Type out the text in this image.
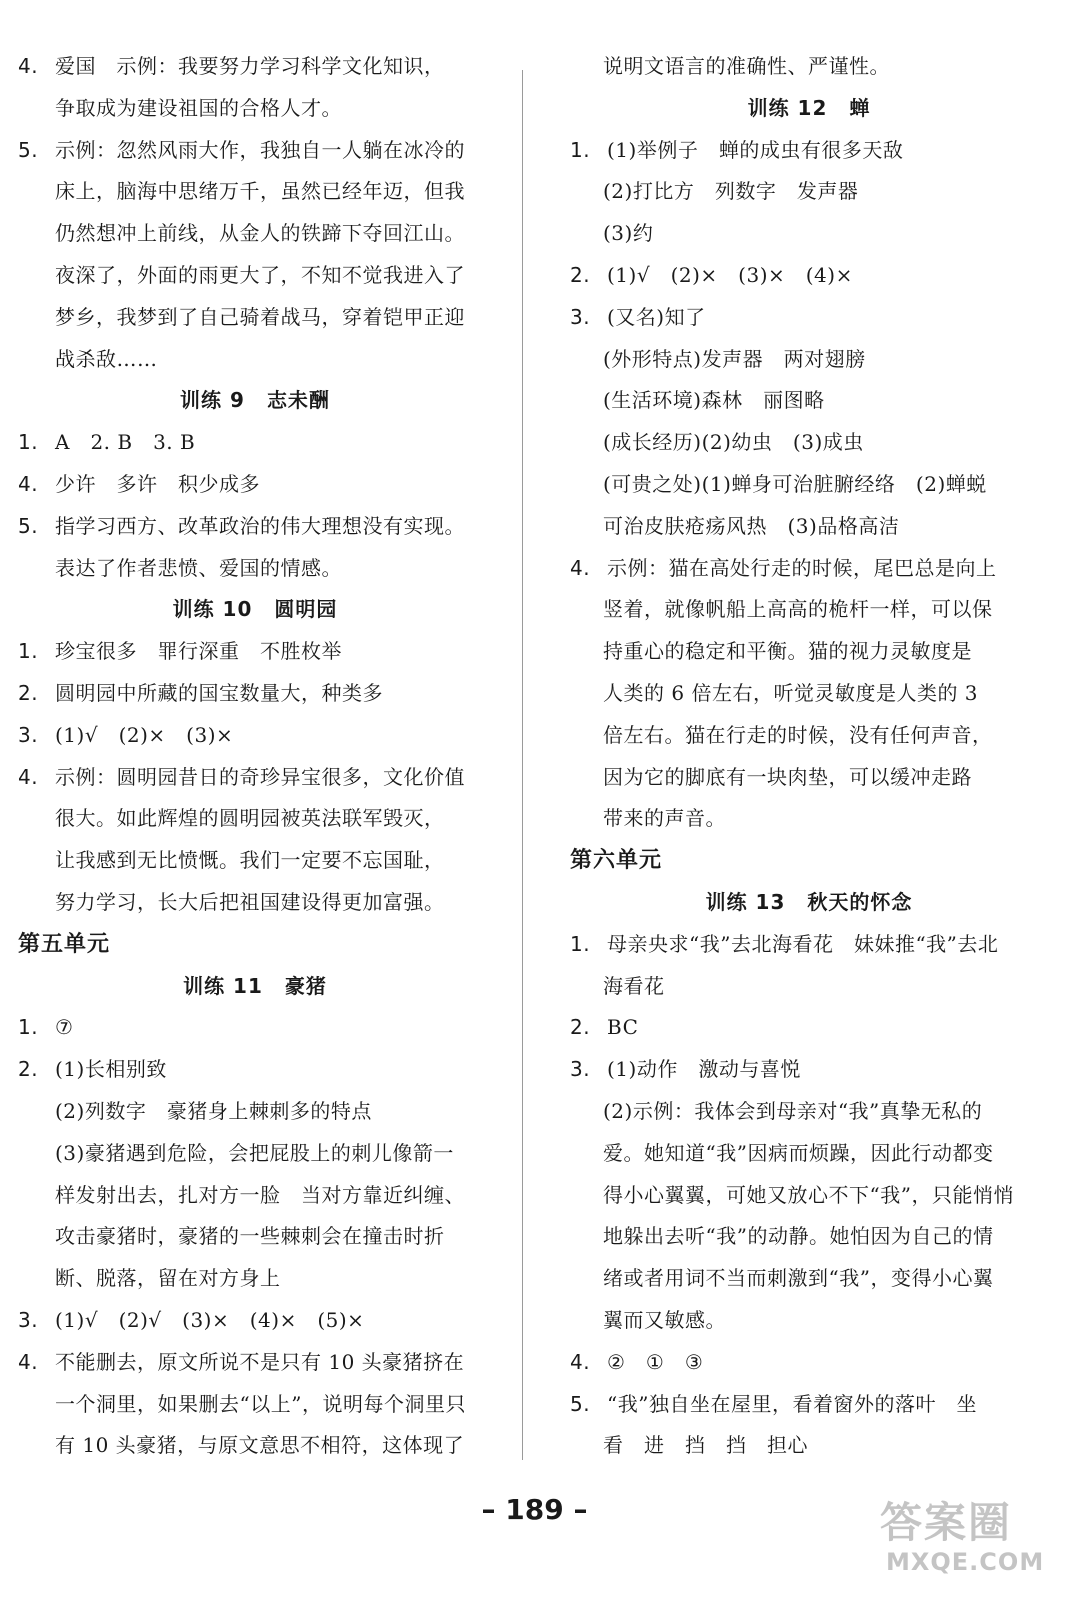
4. 爱国　示例：我要努力学习科学文化知识，
争取成为建设祖国的合格人才。
5. 示例：忽然风雨大作，我独自一人躺在冰冷的
床上，脑海中思绪万千，虽然已经年迈，但我
仍然想冲上前线，从金人的铁蹄下夺回江山。
夜深了，外面的雨更大了，不知不觉我进入了
梦乡，我梦到了自己骑着战马，穿着铠甲正迎
战杀敌……
训练 9 志未酬
1. A　2. B　3. B
4. 少许　多许　积少成多
5. 指学习西方、改革政治的伟大理想没有实现。
表达了作者悲愤、爱国的情感。
训练 10 圆明园
1. 珍宝很多　罪行深重　不胜枚举
2. 圆明园中所藏的国宝数量大，种类多
3. (1)√　(2)×　(3)×
4. 示例：圆明园昔日的奇珍异宝很多，文化价值
很大。如此辉煌的圆明园被英法联军毁灭，
让我感到无比愤慨。我们一定要不忘国耻，
努力学习，长大后把祖国建设得更加富强。
第五单元
训练 11 豪猪
1. ⑦
2. (1)长相别致
(2)列数字　豪猪身上棘刺多的特点
(3)豪猪遇到危险，会把屁股上的刺儿像箭一
样发射出去，扎对方一脸　当对方靠近纠缠、
攻击豪猪时，豪猪的一些棘刺会在撞击时折
断、脱落，留在对方身上
3. (1)√　(2)√　(3)×　(4)×　(5)×
4. 不能删去，原文所说不是只有 10 头豪猪挤在
一个洞里，如果删去“以上”，说明每个洞里只
有 10 头豪猪，与原文意思不相符，这体现了
说明文语言的准确性、严谨性。
训练 12 蝉
1. (1)举例子　蝉的成虫有很多天敌
(2)打比方　列数字　发声器
(3)约
2. (1)√　(2)×　(3)×　(4)×
3. (又名)知了
(外形特点)发声器　两对翅膀
(生活环境)森林　丽图略
(成长经历)(2)幼虫　(3)成虫
(可贵之处)(1)蝉身可治脏腑经络　(2)蝉蜕
可治皮肤疮疡风热　(3)品格高洁
4. 示例：猫在高处行走的时候，尾巴总是向上
竖着，就像帆船上高高的桅杆一样，可以保
持重心的稳定和平衡。猫的视力灵敏度是
人类的 6 倍左右，听觉灵敏度是人类的 3
倍左右。猫在行走的时候，没有任何声音，
因为它的脚底有一块肉垫，可以缓冲走路
带来的声音。
第六单元
训练 13 秋天的怀念
1. 母亲央求“我”去北海看花　妹妹推“我”去北
海看花
2. BC
3. (1)动作　激动与喜悦
(2)示例：我体会到母亲对“我”真挚无私的
爱。她知道“我”因病而烦躁，因此行动都变
得小心翼翼，可她又放心不下“我”，只能悄悄
地躲出去听“我”的动静。她怕因为自己的情
绪或者用词不当而刺激到“我”，变得小心翼
翼而又敏感。
4. ②　①　③
5. “我”独自坐在屋里，看着窗外的落叶　坐
看　进　挡　挡　担心
– 189 –	答案圈
MXQE.COM
